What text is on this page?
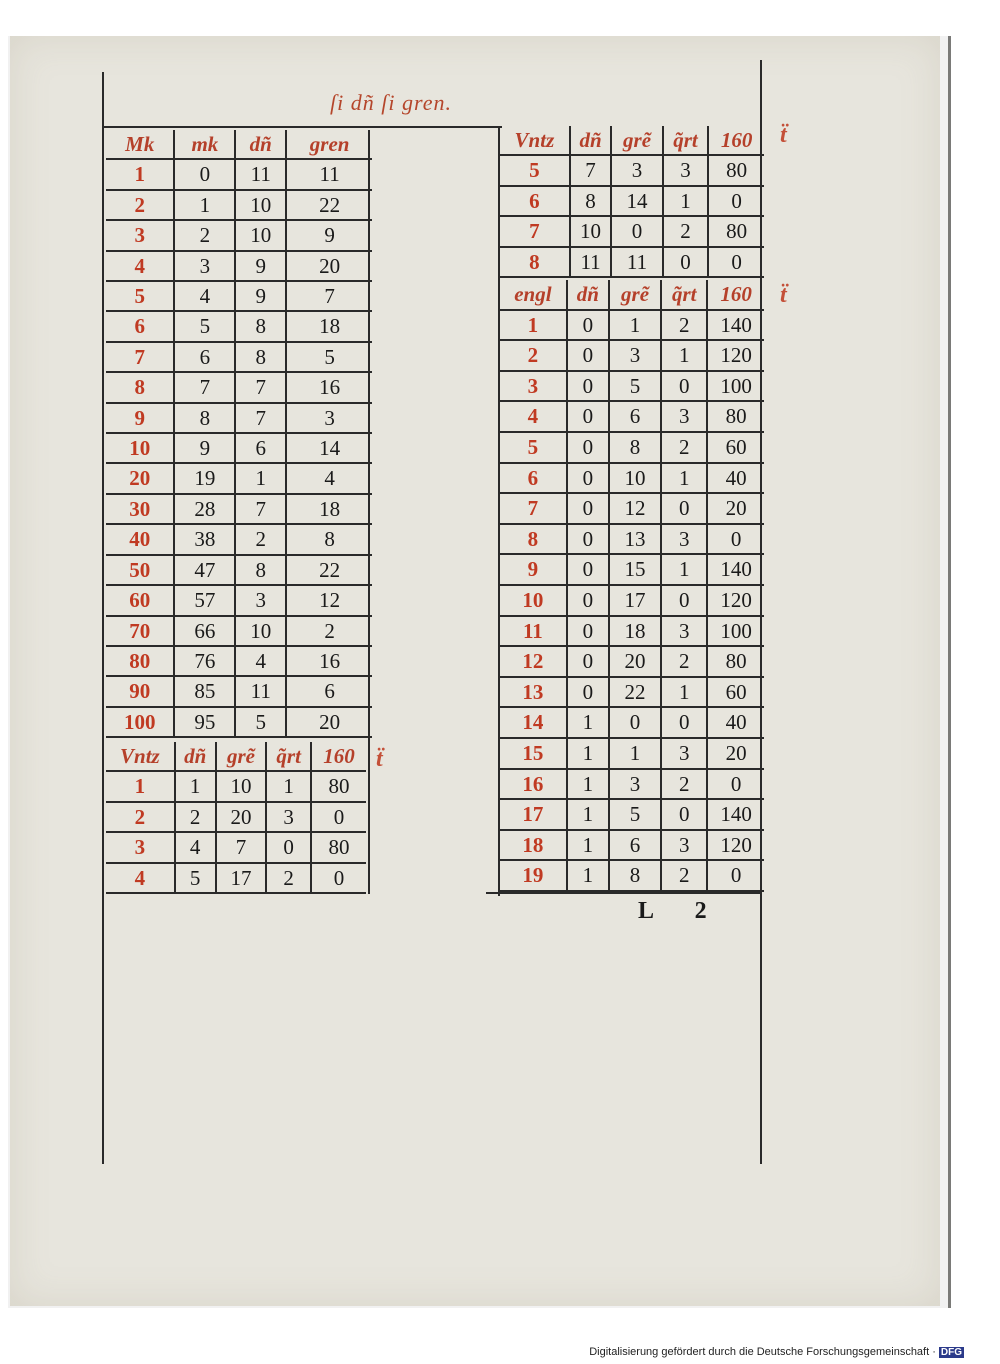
ſi dñ ſi gren.
ẗ
ẗ
ẗ
Mk	mk	dñ	gren
1	0	11	11
2	1	10	22
3	2	10	9
4	3	9	20
5	4	9	7
6	5	8	18
7	6	8	5
8	7	7	16
9	8	7	3
10	9	6	14
20	19	1	4
30	28	7	18
40	38	2	8
50	47	8	22
60	57	3	12
70	66	10	2
80	76	4	16
90	85	11	6
100	95	5	20
Vntz	dñ	grẽ	q̃rt	160
1	1	10	1	80
2	2	20	3	0
3	4	7	0	80
4	5	17	2	0
Vntz	dñ	grẽ	q̃rt	160
5	7	3	3	80
6	8	14	1	0
7	10	0	2	80
8	11	11	0	0
engl	dñ	grẽ	q̃rt	160
1	0	1	2	140
2	0	3	1	120
3	0	5	0	100
4	0	6	3	80
5	0	8	2	60
6	0	10	1	40
7	0	12	0	20
8	0	13	3	0
9	0	15	1	140
10	0	17	0	120
11	0	18	3	100
12	0	20	2	80
13	0	22	1	60
14	1	0	0	40
15	1	1	3	20
16	1	3	2	0
17	1	5	0	140
18	1	6	3	120
19	1	8	2	0
L 2
Digitalisierung gefördert durch die Deutsche Forschungsgemeinschaft · DFG
